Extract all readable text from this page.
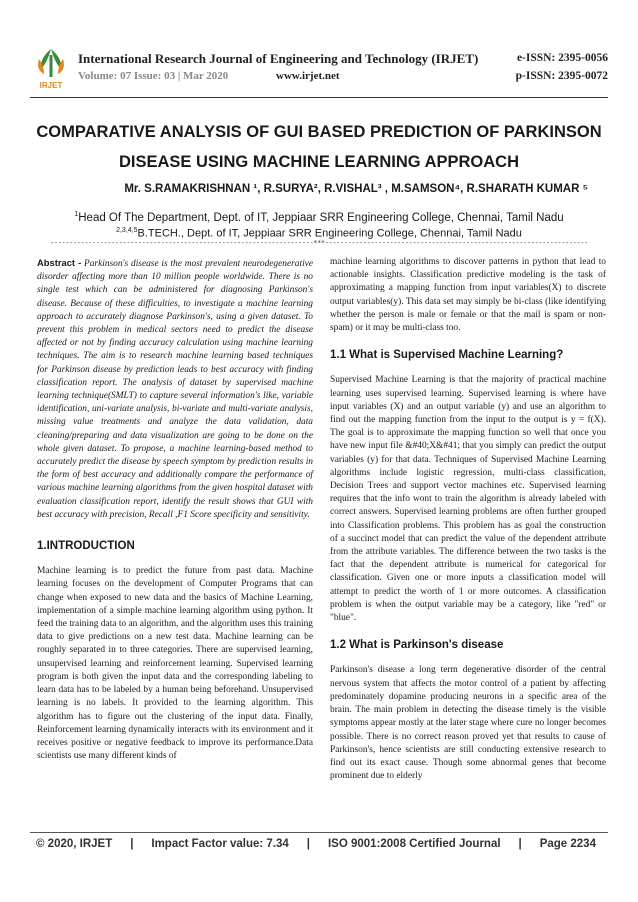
IRJET
International Research Journal of Engineering and Technology (IRJET)	e-ISSN: 2395-0056
Volume: 07 Issue: 03 | Mar 2020	www.irjet.net	p-ISSN: 2395-0072
COMPARATIVE ANALYSIS OF GUI BASED PREDICTION OF PARKINSON
DISEASE USING MACHINE LEARNING APPROACH
Mr. S.RAMAKRISHNAN ¹, R.SURYA², R.VISHAL³ , M.SAMSON⁴, R.SHARATH KUMAR ⁵
$^1$Head Of The Department, Dept. of IT, Jeppiaar SRR Engineering College, Chennai, Tamil Nadu
$^{2,3,4,5}$B.TECH., Dept. of IT, Jeppiaar SRR Engineering College, Chennai, Tamil Nadu
---------------------------------------------------------------------***---------------------------------------------------------------------

Abstract - Parkinson's disease is the most prevalent neurodegenerative disorder affecting more than 10 million people worldwide. There is no single test which can be administered for diagnosing Parkinson's disease. Because of these difficulties, to investigate a machine learning approach to accurately diagnose Parkinson's, using a given dataset. To prevent this problem in medical sectors need to predict the disease affected or not by finding accuracy calculation using machine learning techniques. The aim is to research machine learning based techniques for Parkinson disease by prediction leads to best accuracy with finding classification report. The analysis of dataset by supervised machine learning technique(SMLT) to capture several information's like, variable identification, uni-variate analysis, bi-variate and multi-variate analysis, missing value treatments and analyze the data validation, data cleaning/preparing and data visualization are going to be done on the whole given dataset. To propose, a machine learning-based method to accurately predict the disease by speech symptom by prediction results in the form of best accuracy and additionally compare the performance of various machine learning algorithms from the given hospital dataset with evaluation classification report, identify the result shows that GUI with best accuracy with precision, Recall ,F1 Score specificity and sensitivity.

1.INTRODUCTION

Machine learning is to predict the future from past data. Machine learning focuses on the development of Computer Programs that can change when exposed to new data and the basics of Machine Learning, implementation of a simple machine learning algorithm using python. It feed the training data to an algorithm, and the algorithm uses this training data to give predictions on a new test data. Machine learning can be roughly separated in to three categories. There are supervised learning, unsupervised learning and reinforcement learning. Supervised learning program is both given the input data and the corresponding labeling to learn data has to be labeled by a human being beforehand. Unsupervised learning is no labels. It provided to the learning algorithm. This algorithm has to figure out the clustering of the input data. Finally, Reinforcement learning dynamically interacts with its environment and it receives positive or negative feedback to improve its performance.Data scientists use many different kinds of

machine learning algorithms to discover patterns in python that lead to actionable insights. Classification predictive modeling is the task of approximating a mapping function from input variables(X) to discrete output variables(y). This data set may simply be bi-class (like identifying whether the person is male or female or that the mail is spam or non-spam) or it may be multi-class too.

1.1 What is Supervised Machine Learning?

Supervised Machine Learning is that the majority of practical machine learning uses supervised learning. Supervised learning is where have input variables (X) and an output variable (y) and use an algorithm to find out the mapping function from the input to the output is y = f(X). The goal is to approximate the mapping function so well that once you have new input file &#40;X&#41; that you simply can predict the output variables (y) for that data. Techniques of Supervised Machine Learning algorithms include logistic regression, multi-class classification, Decision Trees and support vector machines etc. Supervised learning requires that the info wont to train the algorithm is already labeled with correct answers. Supervised learning problems are often further grouped into Classification problems. This problem has as goal the construction of a succinct model that can predict the value of the dependent attribute from the attribute variables. The difference between the two tasks is the fact that the dependent attribute is numerical for categorical for classification. Given one or more inputs a classification model will attempt to predict the worth of 1 or more outcomes. A classification problem is when the output variable may be a category, like "red" or "blue".

1.2 What is Parkinson's disease

Parkinson's disease a long term degenerative disorder of the central nervous system that affects the motor control of a patient by affecting predominately dopamine producing neurons in a specific area of the brain. The main problem in detecting the disease timely is the visible symptoms appear mostly at the later stage where cure no longer becomes possible. There is no correct reason proved yet that results to cause of Parkinson's, hence scientists are still conducting extensive research to find out its exact cause. Though some abnormal genes that become prominent due to elderly

© 2020, IRJET | Impact Factor value: 7.34 | ISO 9001:2008 Certified Journal | Page 2234
